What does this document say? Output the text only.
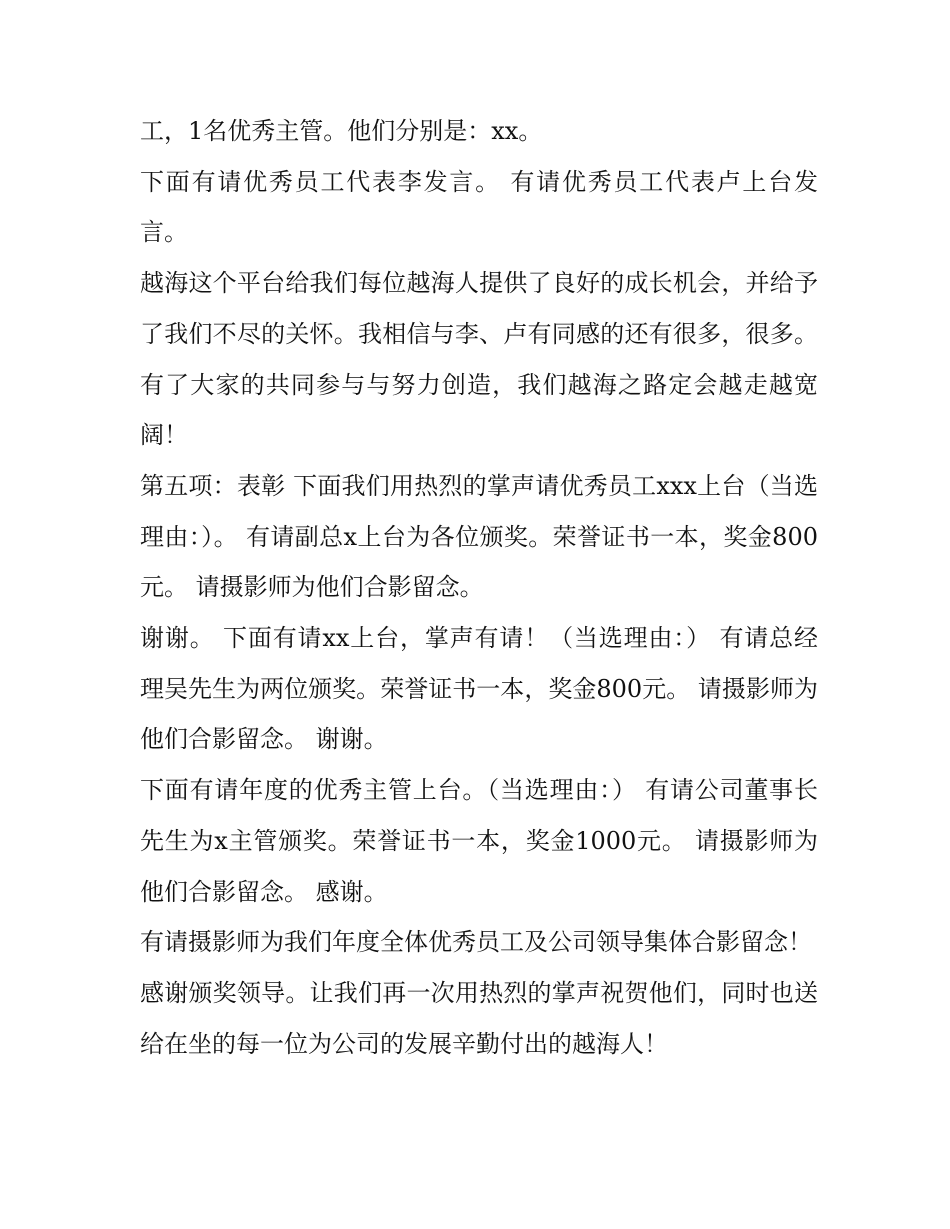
工，1名优秀主管。他们分别是：xx。

下面有请优秀员工代表李发言。 有请优秀员工代表卢上台发言。

越海这个平台给我们每位越海人提供了良好的成长机会，并给予了我们不尽的关怀。我相信与李、卢有同感的还有很多，很多。有了大家的共同参与与努力创造，我们越海之路定会越走越宽阔！

第五项：表彰 下面我们用热烈的掌声请优秀员工xxx上台（当选理由：）。 有请副总x上台为各位颁奖。荣誉证书一本，奖金800元。 请摄影师为他们合影留念。

谢谢。 下面有请xx上台，掌声有请！（当选理由：） 有请总经理吴先生为两位颁奖。荣誉证书一本，奖金800元。 请摄影师为他们合影留念。 谢谢。

下面有请年度的优秀主管上台。（当选理由：） 有请公司董事长先生为x主管颁奖。荣誉证书一本，奖金1000元。 请摄影师为他们合影留念。 感谢。

有请摄影师为我们年度全体优秀员工及公司领导集体合影留念！

感谢颁奖领导。让我们再一次用热烈的掌声祝贺他们，同时也送给在坐的每一位为公司的发展辛勤付出的越海人！
